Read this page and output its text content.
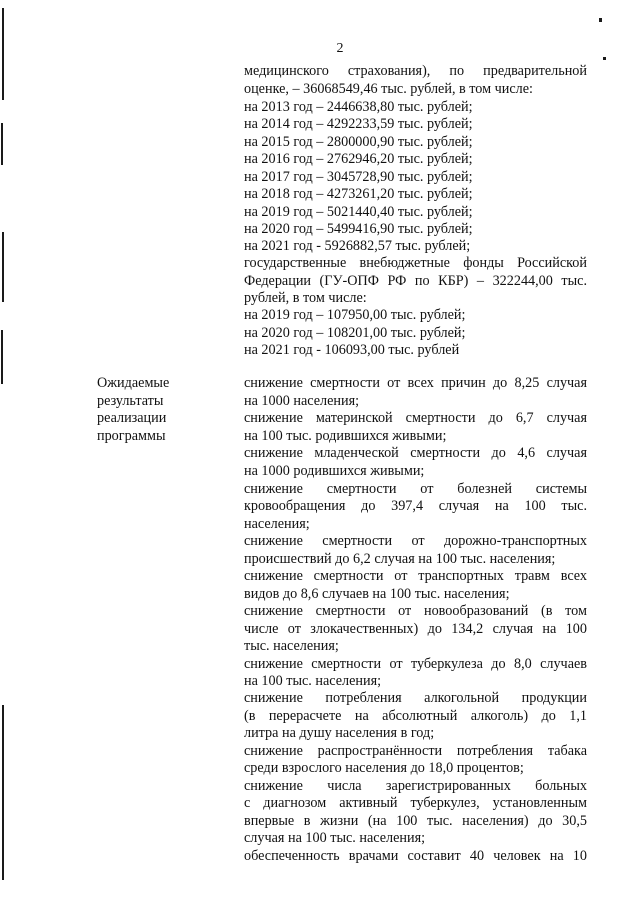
2
медицинского страхования), по предварительной
оценке, – 36068549,46 тыс. рублей, в том числе:
на 2013 год – 2446638,80 тыс. рублей;
на 2014 год – 4292233,59 тыс. рублей;
на 2015 год – 2800000,90 тыс. рублей;
на 2016 год – 2762946,20 тыс. рублей;
на 2017 год – 3045728,90 тыс. рублей;
на 2018 год – 4273261,20 тыс. рублей;
на 2019 год – 5021440,40 тыс. рублей;
на 2020 год – 5499416,90 тыс. рублей;
на 2021 год - 5926882,57 тыс. рублей;
государственные внебюджетные фонды Российской
Федерации (ГУ-ОПФ РФ по КБР) – 322244,00 тыс.
рублей, в том числе:
на 2019 год – 107950,00 тыс. рублей;
на 2020 год – 108201,00 тыс. рублей;
на 2021 год - 106093,00 тыс. рублей
Ожидаемые
результаты
реализации
программы
снижение смертности от всех причин до 8,25 случая
на 1000 населения;
снижение материнской смертности до 6,7 случая
на 100 тыс. родившихся живыми;
снижение младенческой смертности до 4,6 случая
на 1000 родившихся живыми;
снижение смертности от болезней системы
кровообращения до 397,4 случая на 100 тыс.
населения;
снижение смертности от дорожно-транспортных
происшествий до 6,2 случая на 100 тыс. населения;
снижение смертности от транспортных травм всех
видов до 8,6 случаев на 100 тыс. населения;
снижение смертности от новообразований (в том
числе от злокачественных) до 134,2 случая на 100
тыс. населения;
снижение смертности от туберкулеза до 8,0 случаев
на 100 тыс. населения;
снижение потребления алкогольной продукции
(в перерасчете на абсолютный алкоголь) до 1,1
литра на душу населения в год;
снижение распространённости потребления табака
среди взрослого населения до 18,0 процентов;
снижение числа зарегистрированных больных
с диагнозом активный туберкулез, установленным
впервые в жизни (на 100 тыс. населения) до 30,5
случая на 100 тыс. населения;
обеспеченность врачами составит 40 человек на 10
